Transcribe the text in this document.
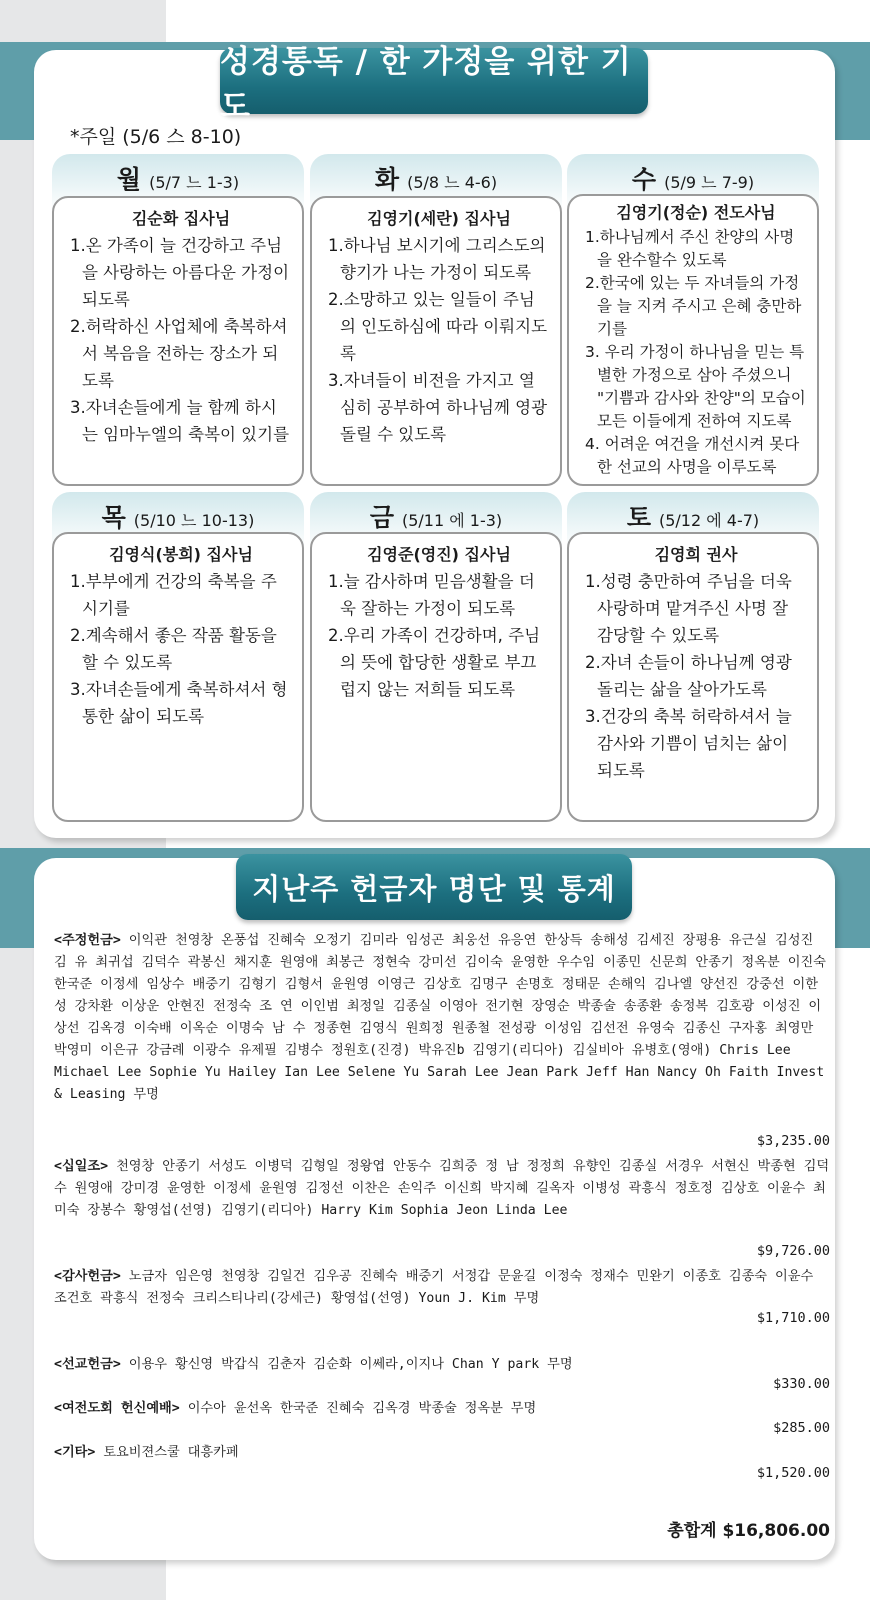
성경통독 / 한 가정을 위한 기도
*주일 (5/6 스 8-10)
월 (5/7 느 1-3)
김순화 집사님
1.온 가족이 늘 건강하고 주님을 사랑하는 아름다운 가정이 되도록
2.허락하신 사업체에 축복하셔서 복음을 전하는 장소가 되도록
3.자녀손들에게 늘 함께 하시는 임마누엘의 축복이 있기를
화 (5/8 느 4-6)
김영기(세란) 집사님
1.하나님 보시기에 그리스도의 향기가 나는 가정이 되도록
2.소망하고 있는 일들이 주님의 인도하심에 따라 이뤄지도록
3.자녀들이 비전을 가지고 열심히 공부하여 하나님께 영광 돌릴 수 있도록
수 (5/9 느 7-9)
김영기(정순) 전도사님
1.하나님께서 주신 찬양의 사명을 완수할수 있도록
2.한국에 있는 두 자녀들의 가정을 늘 지켜 주시고 은혜 충만하기를
3. 우리 가정이 하나님을 믿는 특별한 가정으로 삼아 주셨으니 "기쁨과 감사와 찬양"의 모습이 모든 이들에게 전하여 지도록
4. 어려운 여건을 개선시켜 못다한 선교의 사명을 이루도록
목 (5/10 느 10-13)
김영식(봉희) 집사님
1.부부에게 건강의 축복을 주시기를
2.계속해서 좋은 작품 활동을 할 수 있도록
3.자녀손들에게 축복하셔서 형통한 삶이 되도록
금 (5/11 에 1-3)
김영준(영진) 집사님
1.늘 감사하며 믿음생활을 더욱 잘하는 가정이 되도록
2.우리 가족이 건강하며, 주님의 뜻에 합당한 생활로 부끄럽지 않는 저희들 되도록
토 (5/12 에 4-7)
김영희 권사
1.성령 충만하여 주님을 더욱 사랑하며 맡겨주신 사명 잘 감당할 수 있도록
2.자녀 손들이 하나님께 영광 돌리는 삶을 살아가도록
3.건강의 축복 허락하셔서 늘 감사와 기쁨이 넘치는 삶이 되도록
지난주 헌금자 명단 및 통계
<주정헌금> 이익관 천영창 온풍섭 진혜숙 오정기 김미라 임성곤 최웅선 유응연 한상득 송해성 김세진 장평용 유근실 김성진 김 유 최귀섭 김덕수 곽봉신 채지훈 원영애 최봉근 정현숙 강미선 김이숙 윤영한 우수임 이종민 신문희 안종기 정옥분 이진숙 한국준 이정세 임상수 배중기 김형기 김형서 윤원영 이영근 김상호 김명구 손명호 정태문 손해익 김나엘 양선진 강중선 이한성 강차환 이상운 안현진 전정숙 조 연 이인범 최정일 김종실 이영아 전기현 장영순 박종술 송종환 송정복 김호광 이성진 이상선 김옥경 이숙배 이옥순 이명숙 남 수 정종현 김영식 원희정 원종철 전성광 이성임 김선전 유영숙 김종신 구자홍 최영만 박영미 이은규 강금례 이광수 유제필 김병수 정원호(진경) 박유진b 김영기(리디아) 김실비아 유병호(영애) Chris Lee Michael Lee Sophie Yu Hailey Ian Lee Selene Yu Sarah Lee Jean Park Jeff Han Nancy Oh Faith Invest & Leasing 무명
$3,235.00
<십일조> 천영창 안종기 서성도 이병덕 김형일 정왕엽 안동수 김희중 정 남 정정희 유향인 김종실 서경우 서현신 박종현 김덕수 원영애 강미경 윤영한 이정세 윤원영 김정선 이찬은 손익주 이신희 박지혜 길옥자 이병성 곽흥식 정호정 김상호 이윤수 최미숙 장봉수 황영섭(선영) 김영기(리디아) Harry Kim Sophia Jeon Linda Lee
$9,726.00
<감사헌금> 노금자 임은영 천영창 김일건 김우공 진혜숙 배중기 서정갑 문윤길 이정숙 정재수 민완기 이종호 김종숙 이윤수 조건호 곽흥식 전정숙 크리스티나리(강세근) 황영섭(선영) Youn J. Kim 무명
$1,710.00
<선교헌금> 이용우 황신영 박갑식 김춘자 김순화 이쎄라,이지나 Chan Y park 무명
$330.00
<여전도회 헌신예배> 이수아 윤선옥 한국준 진혜숙 김옥경 박종술 정옥분 무명
$285.00
<기타> 토요비젼스쿨 대흥카페
$1,520.00
총합계 $16,806.00
